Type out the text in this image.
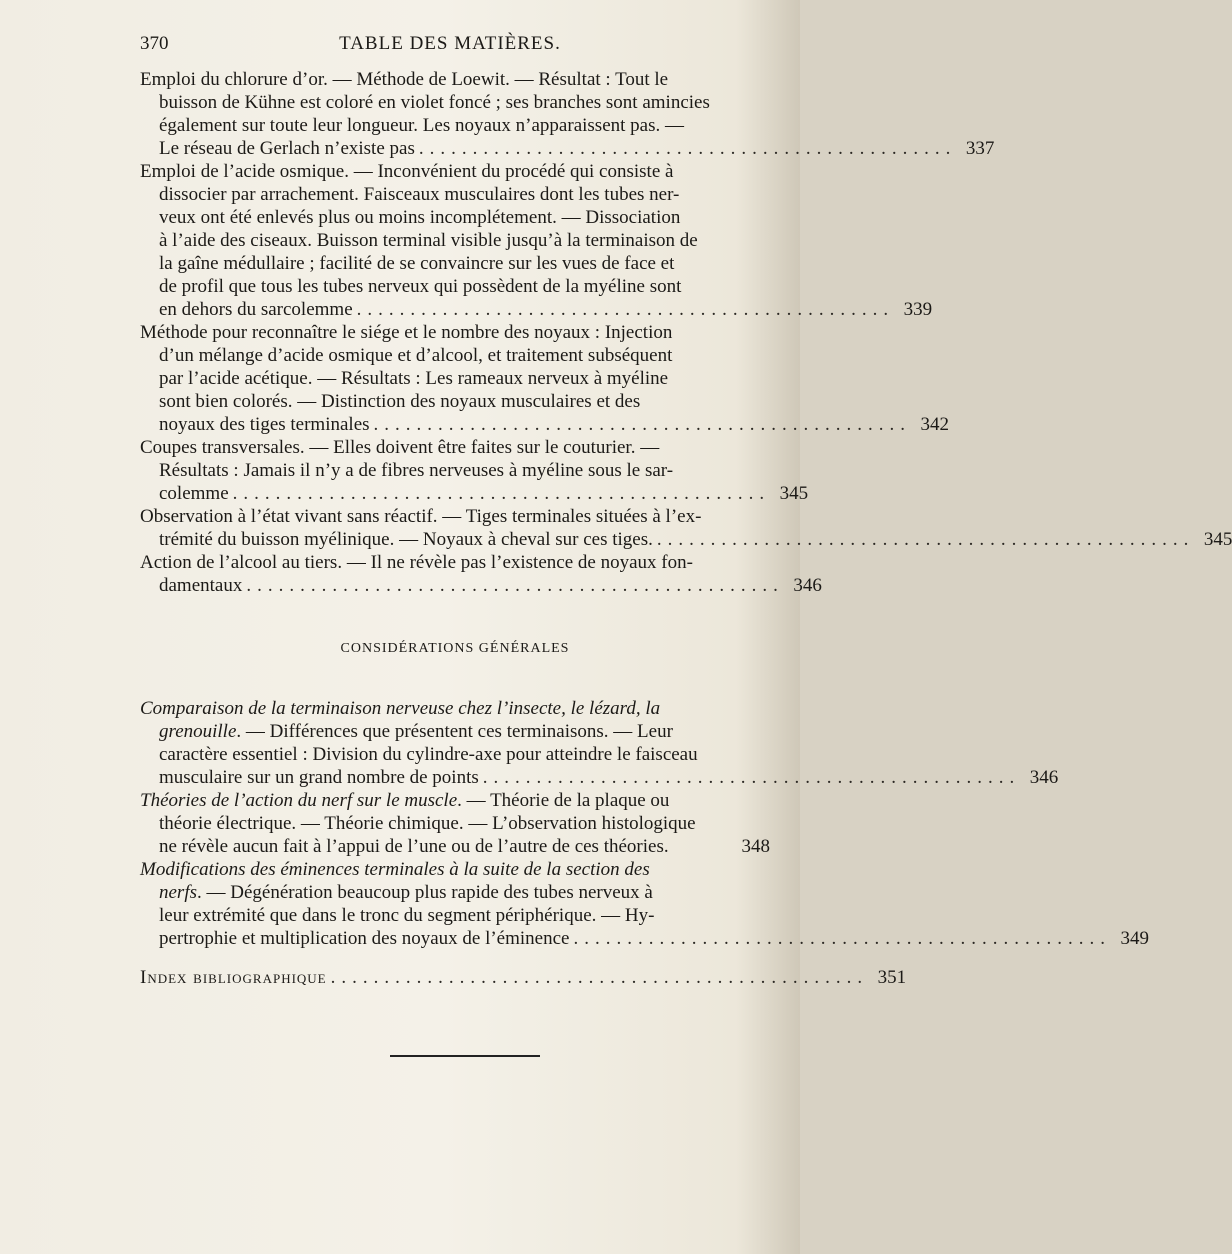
370	TABLE DES MATIÈRES.
Emploi du chlorure d’or. — Méthode de Loewit. — Résultat : Tout le
buisson de Kühne est coloré en violet foncé ; ses branches sont amincies
également sur toute leur longueur. Les noyaux n’apparaissent pas. —
Le réseau de Gerlach n’existe pas .................................................. 337
Emploi de l’acide osmique. — Inconvénient du procédé qui consiste à
dissocier par arrachement. Faisceaux musculaires dont les tubes ner-
veux ont été enlevés plus ou moins incomplétement. — Dissociation
à l’aide des ciseaux. Buisson terminal visible jusqu’à la terminaison de
la gaîne médullaire ; facilité de se convaincre sur les vues de face et
de profil que tous les tubes nerveux qui possèdent de la myéline sont
en dehors du sarcolemme .................................................. 339
Méthode pour reconnaître le siége et le nombre des noyaux : Injection
d’un mélange d’acide osmique et d’alcool, et traitement subséquent
par l’acide acétique. — Résultats : Les rameaux nerveux à myéline
sont bien colorés. — Distinction des noyaux musculaires et des
noyaux des tiges terminales .................................................. 342
Coupes transversales. — Elles doivent être faites sur le couturier. —
Résultats : Jamais il n’y a de fibres nerveuses à myéline sous le sar-
colemme .................................................. 345
Observation à l’état vivant sans réactif. — Tiges terminales situées à l’ex-
trémité du buisson myélinique. — Noyaux à cheval sur ces tiges. .................................................. 345
Action de l’alcool au tiers. — Il ne révèle pas l’existence de noyaux fon-
damentaux .................................................. 346
CONSIDÉRATIONS GÉNÉRALES
Comparaison de la terminaison nerveuse chez l’insecte, le lézard, la
grenouille. — Différences que présentent ces terminaisons. — Leur
caractère essentiel : Division du cylindre-axe pour atteindre le faisceau
musculaire sur un grand nombre de points .................................................. 346
Théories de l’action du nerf sur le muscle. — Théorie de la plaque ou
théorie électrique. — Théorie chimique. — L’observation histologique
ne révèle aucun fait à l’appui de l’une ou de l’autre de ces théories.	348
Modifications des éminences terminales à la suite de la section des
nerfs. — Dégénération beaucoup plus rapide des tubes nerveux à
leur extrémité que dans le tronc du segment périphérique. — Hy-
pertrophie et multiplication des noyaux de l’éminence .................................................. 349
Index bibliographique .................................................. 351
